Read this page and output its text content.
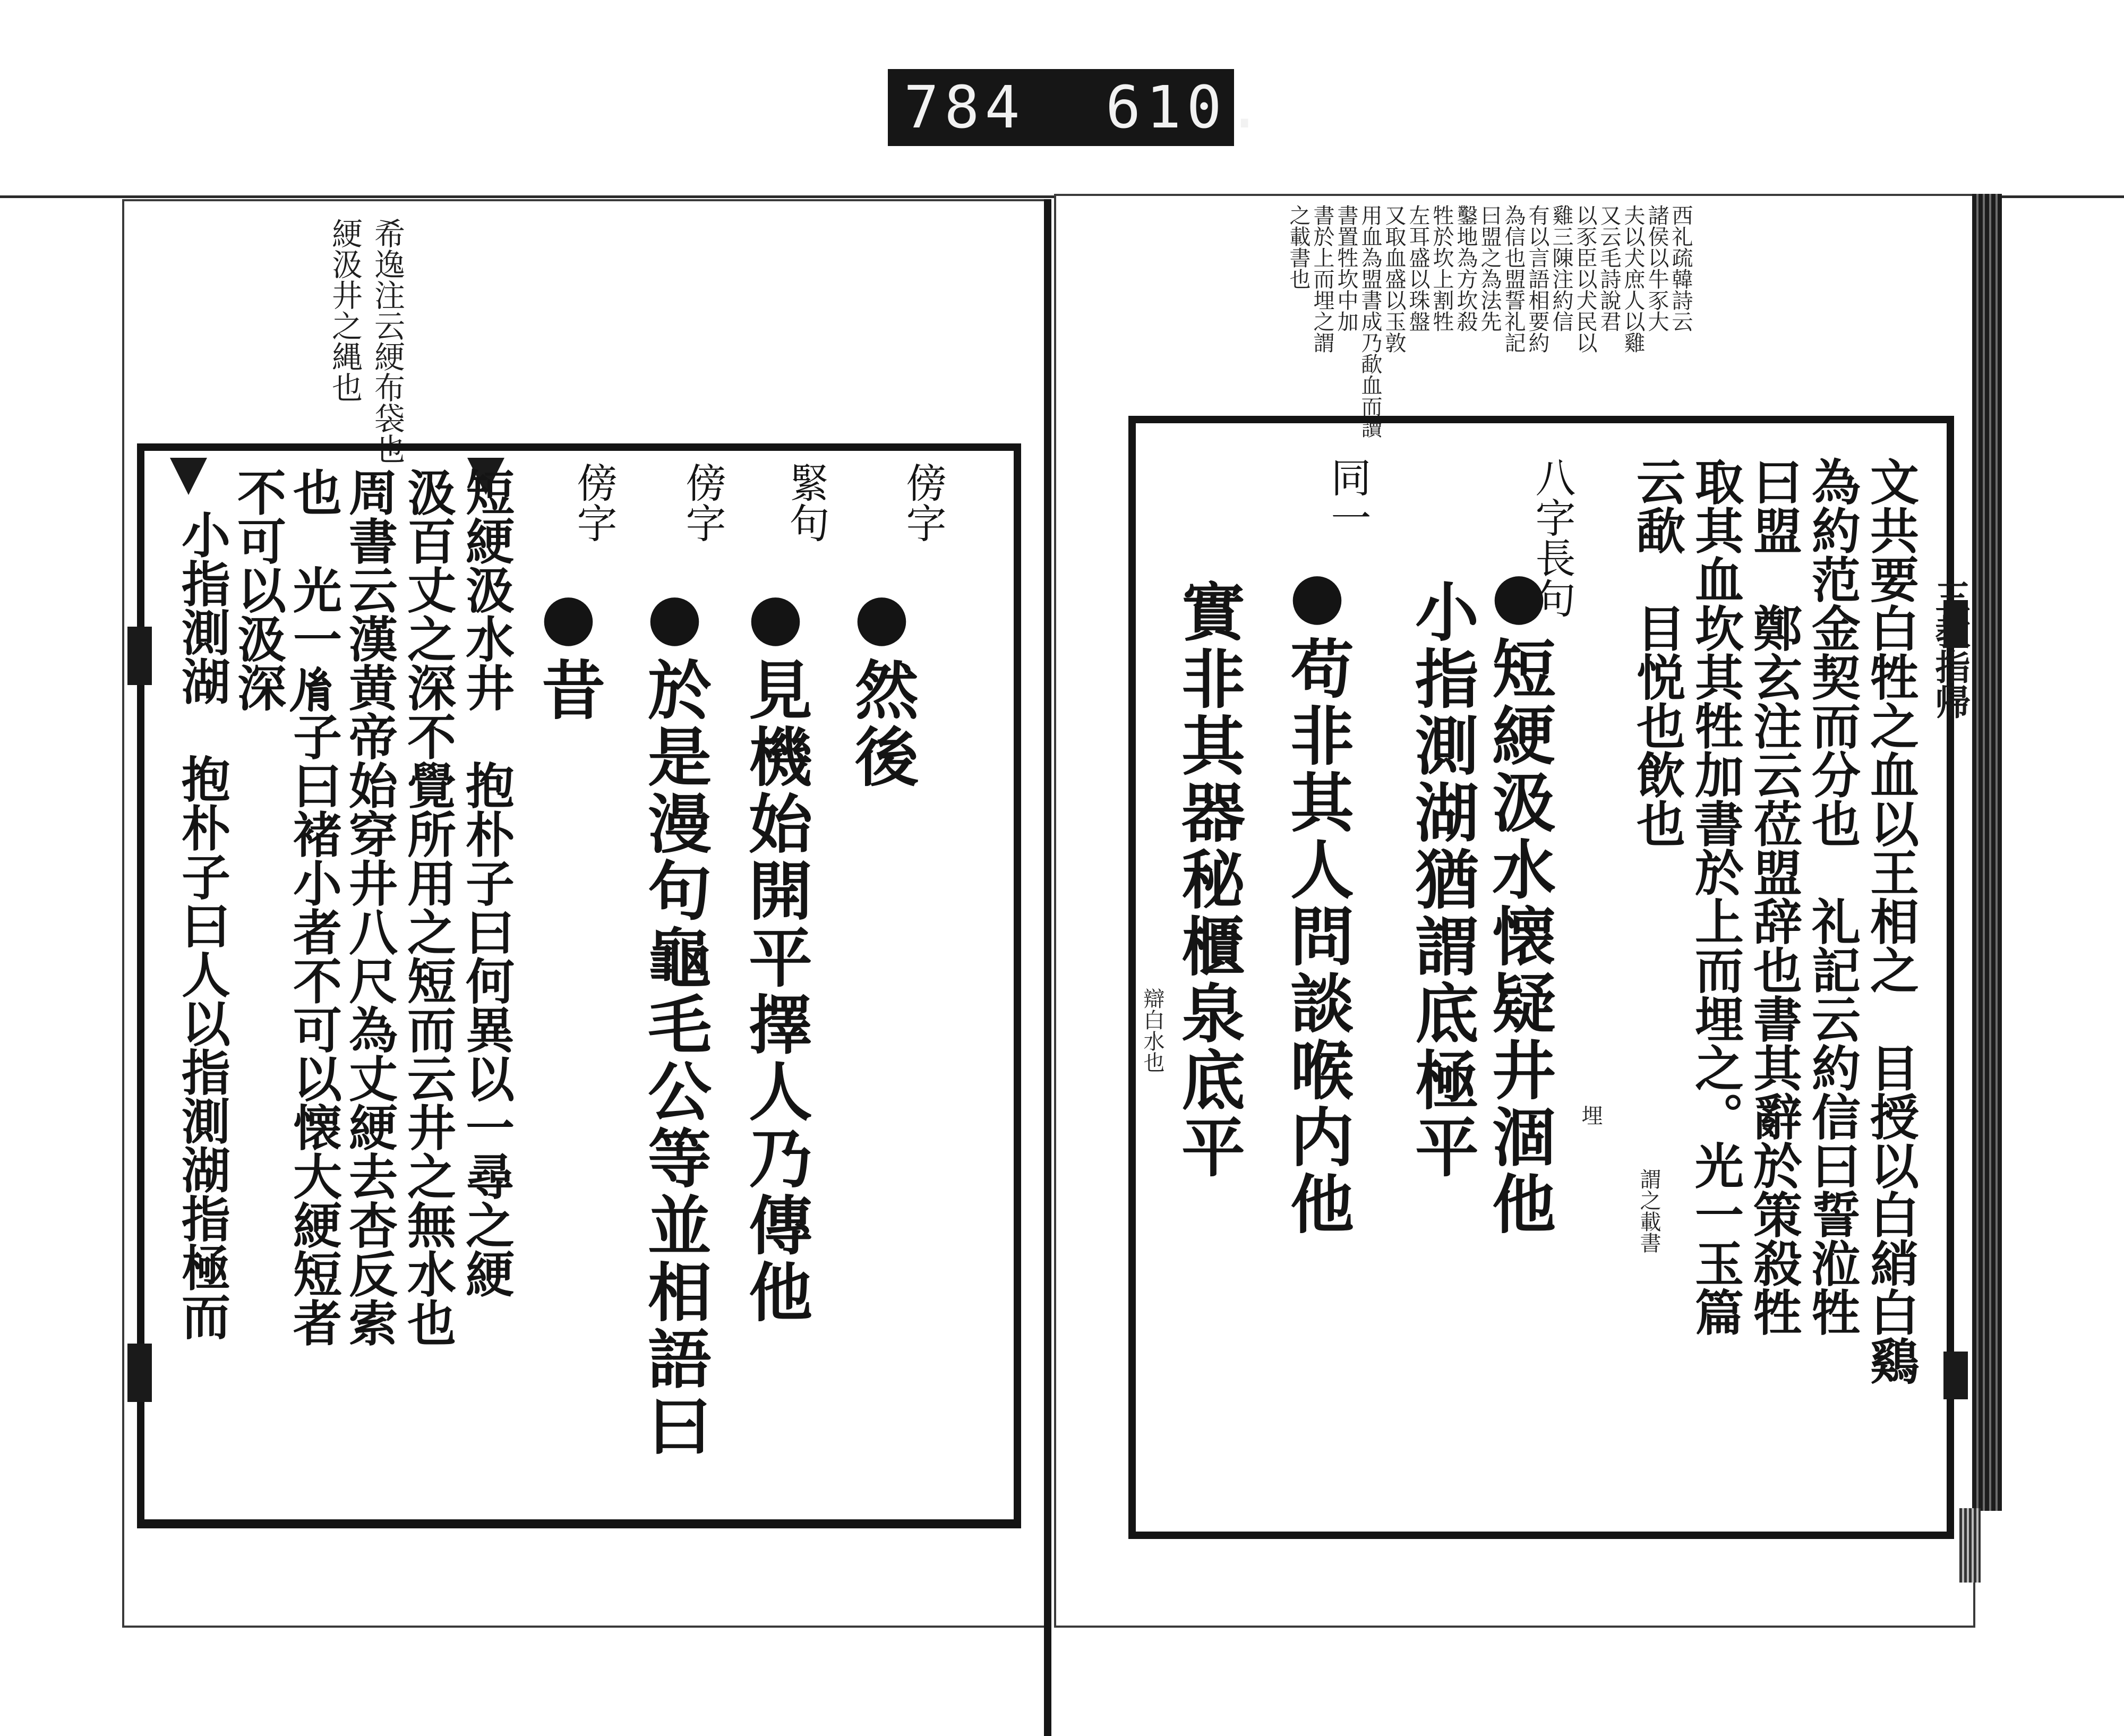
784 610.
希逸注云綆布袋也
綆汲井之縄也
傍字
●然後
緊句
●見機始開平擇人乃傳他
傍字
●於是漫句龜毛公等並相語曰
傍字
●昔
短綆汲水井　抱朴子曰何異以一尋之綆
汲百丈之深不覺所用之短而云井之無水也
周書云漢黄帝始穿井八尺為丈綆去杏反索
也　光一𦙍子曰褚小者不可以懐大綆短者
不可以汲深
小指測湖　抱朴子曰人以指測湖指極而
西礼疏韓詩云
諸侯以牛豕大
夫以犬庶人以雞
又云毛詩說君
以豕臣以犬民以
雞三陳注約信
有以言語相要約
為信也盟誓礼記
曰盟之為法先
鑿地為方坎殺
牲於坎上割牲
左耳盛以珠盤
又取血盛以玉敦
用血為盟書成乃歃血而讀
書置牲坎中加
書於上而埋之謂
之載書也
三教指帰
文共要白牲之血以王相之　目授以白綃白鷄
為約范金契而分也　礼記云約信曰誓涖牲
曰盟　鄭玄注云莅盟辞也書其辭於策殺牲
取其血坎其牲加書於上而埋之。光一玉篇
云歃　目悦也飲也
八字長句
●短綆汲水懐疑井涸他
小指測湖猶謂底極平
同一
●苟非其人問談喉内他
實非其器秘櫃泉底平	埋
謂之載書
辯白水也
